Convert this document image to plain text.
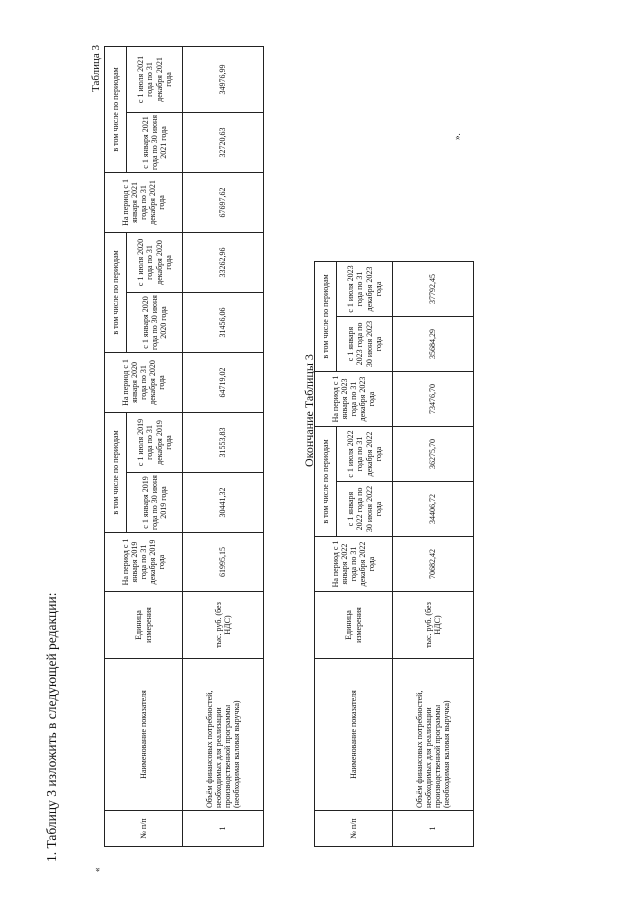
1. Таблицу 3 изложить в следующей редакции:
«
Таблица 3
№ п/п	Наименование показателя	Единица измерения	На период с 1 января 2019 года по 31 декабря 2019 года	в том числе по периодам		На период с 1 января 2020 года по 31 декабря 2020 года	в том числе по периодам		На период с 1 января 2021 года по 31 декабря 2021 года	в том числе по периодам	
				с 1 января 2019 года по 30 июня 2019 года	с 1 июля 2019 года по 31 декабря 2019 года		с 1 января 2020 года по 30 июня 2020 года	с 1 июля 2020 года по 31 декабря 2020 года		с 1 января 2021 года по 30 июня 2021 года	с 1 июля 2021 года по 31 декабря 2021 года
1	Объём финансовых потребностей, необходимых для реализации производственной программы (необходимая валовая выручка)	тыс. руб. (без НДС)	61995,15	30441,32	31553,83	64719,02	31456,06	33262,96	67697,62	32720,63	34976,99
Окончание Таблицы 3
№ п/п	Наименование показателя	Единица измерения	На период с 1 января 2022 года по 31 декабря 2022 года	в том числе по периодам		На период с 1 января 2023 года по 31 декабря 2023 года	в том числе по периодам	
				с 1 января 2022 года по 30 июня 2022 года	с 1 июля 2022 года по 31 декабря 2022 года		с 1 января 2023 года по 30 июня 2023 года	с 1 июля 2023 года по 31 декабря 2023 года
1	Объём финансовых потребностей, необходимых для реализации производственной программы (необходимая валовая выручка)	тыс. руб. (без НДС)	70682,42	34406,72	36275,70	73476,70	35684,29	37792,45
».
